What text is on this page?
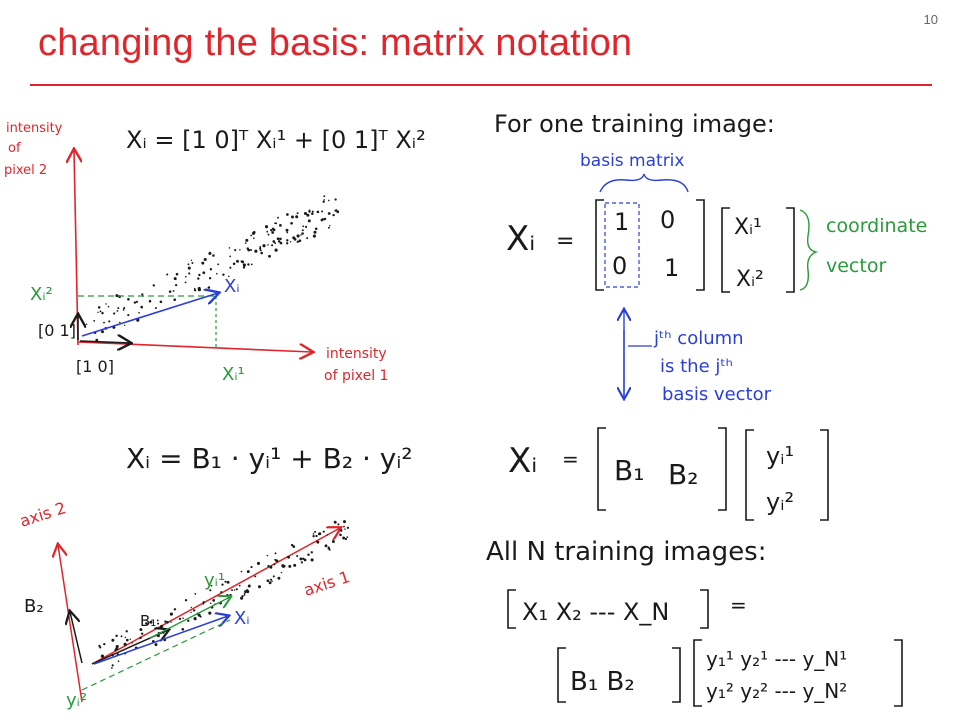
10
changing the basis: matrix notation
intensity
of
pixel 2
intensity
of pixel 1
Xᵢ²
Xᵢ¹
Xᵢ
[0 1]
[1 0]
Xᵢ = [1 0]ᵀ Xᵢ¹ + [0 1]ᵀ Xᵢ²
Xᵢ = B₁ · yᵢ¹ + B₂ · yᵢ²
axis 2
axis 1
B₂
B₁
yᵢ¹
yᵢ²
Xᵢ
For one training image:
basis matrix
Xᵢ =
1 0
0 1
Xᵢ¹
Xᵢ²
coordinate
vector
jᵗʰ column
is the jᵗʰ
basis vector
Xᵢ = B₁ B₂
yᵢ¹
yᵢ²
All N training images:
X₁ X₂ --- X_N	=
B₁ B₂
y₁¹ y₂¹ --- y_N¹
y₁² y₂² --- y_N²
